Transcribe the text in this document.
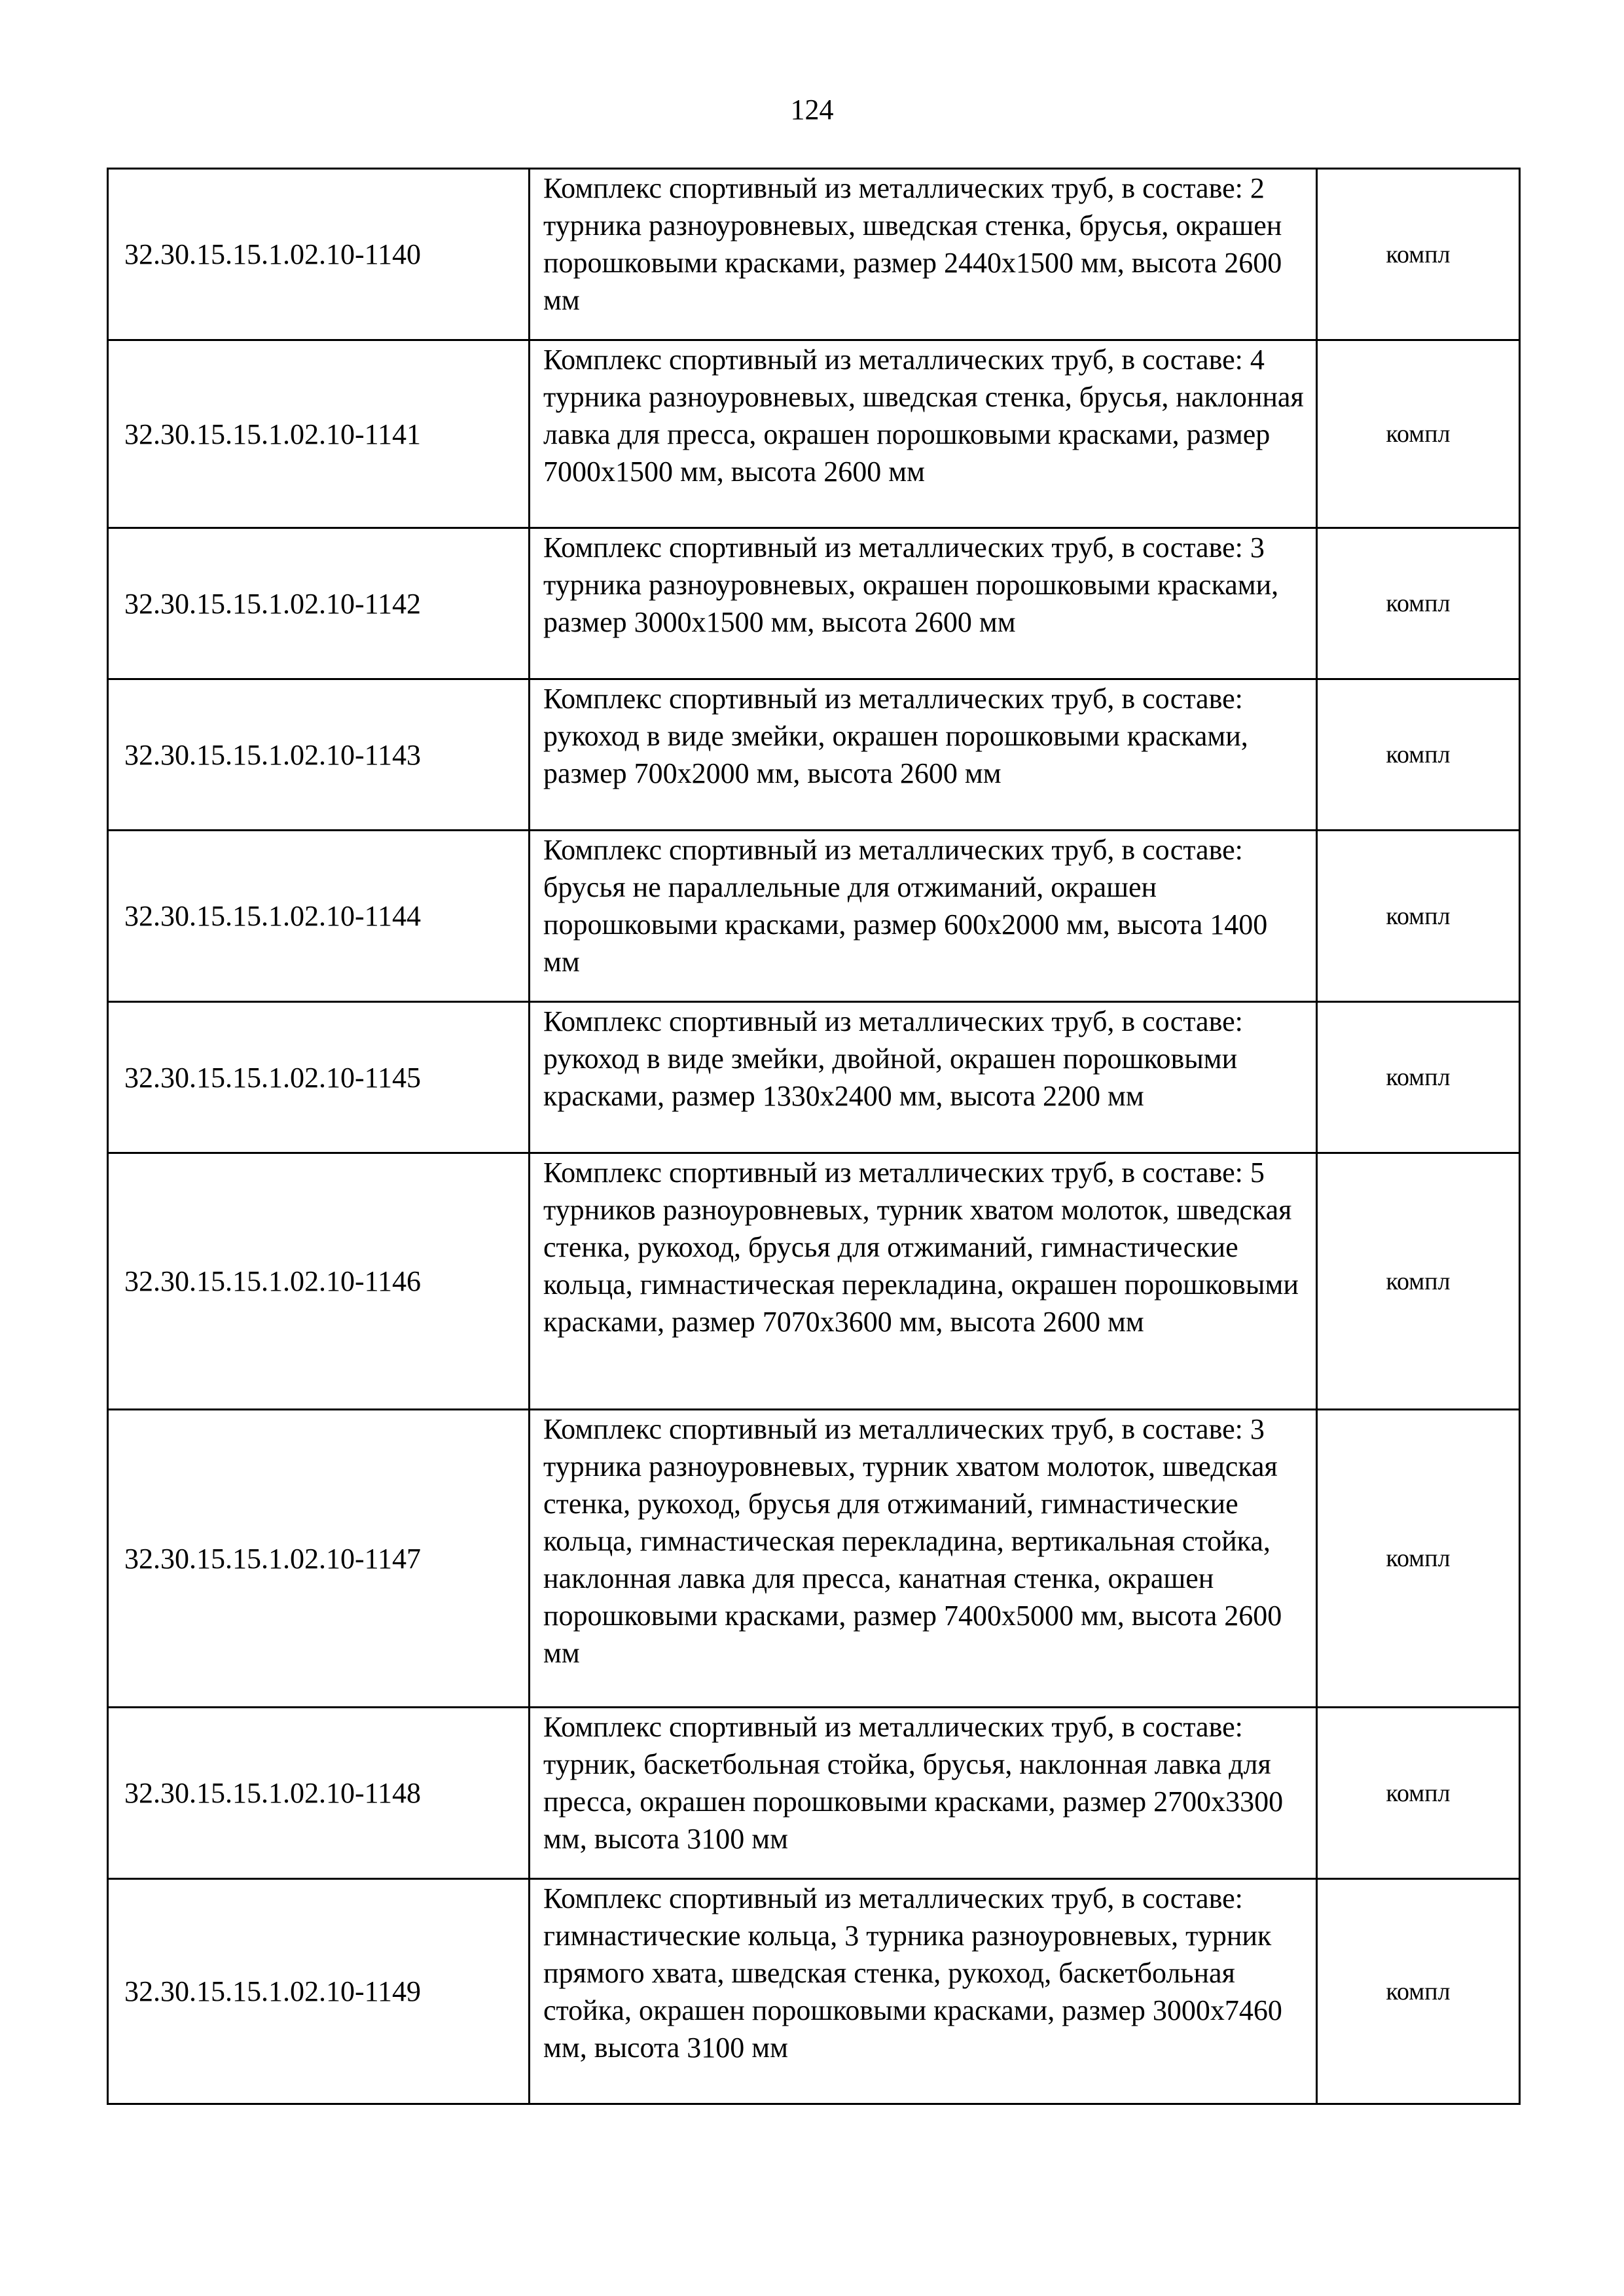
124
32.30.15.15.1.02.10-1140	Комплекс спортивный из металлических труб, в составе: 2 турника разноуровневых, шведская стенка, брусья, окрашен порошковыми красками, размер 2440х1500 мм, высота 2600 мм	компл
32.30.15.15.1.02.10-1141	Комплекс спортивный из металлических труб, в составе: 4 турника разноуровневых, шведская стенка, брусья, наклонная лавка для пресса, окрашен порошковыми красками, размер 7000х1500 мм, высота 2600 мм	компл
32.30.15.15.1.02.10-1142	Комплекс спортивный из металлических труб, в составе: 3 турника разноуровневых, окрашен порошковыми красками, размер 3000х1500 мм, высота 2600 мм	компл
32.30.15.15.1.02.10-1143	Комплекс спортивный из металлических труб, в составе: рукоход в виде змейки, окрашен порошковыми красками, размер 700х2000 мм, высота 2600 мм	компл
32.30.15.15.1.02.10-1144	Комплекс спортивный из металлических труб, в составе: брусья не параллельные для отжиманий, окрашен порошковыми красками, размер 600х2000 мм, высота 1400 мм	компл
32.30.15.15.1.02.10-1145	Комплекс спортивный из металлических труб, в составе: рукоход в виде змейки, двойной, окрашен порошковыми красками, размер 1330х2400 мм, высота 2200 мм	компл
32.30.15.15.1.02.10-1146	Комплекс спортивный из металлических труб, в составе: 5 турников разноуровневых, турник хватом молоток, шведская стенка, рукоход, брусья для отжиманий, гимнастические кольца, гимнастическая перекладина, окрашен порошковыми красками, размер 7070х3600 мм, высота 2600 мм	компл
32.30.15.15.1.02.10-1147	Комплекс спортивный из металлических труб, в составе: 3 турника разноуровневых, турник хватом молоток, шведская стенка, рукоход, брусья для отжиманий, гимнастические кольца, гимнастическая перекладина, вертикальная стойка, наклонная лавка для пресса, канатная стенка, окрашен порошковыми красками, размер 7400х5000 мм, высота 2600 мм	компл
32.30.15.15.1.02.10-1148	Комплекс спортивный из металлических труб, в составе: турник, баскетбольная стойка, брусья, наклонная лавка для пресса, окрашен порошковыми красками, размер 2700х3300 мм, высота 3100 мм	компл
32.30.15.15.1.02.10-1149	Комплекс спортивный из металлических труб, в составе: гимнастические кольца, 3 турника разноуровневых, турник прямого хвата, шведская стенка, рукоход, баскетбольная стойка, окрашен порошковыми красками, размер 3000х7460 мм, высота 3100 мм	компл
